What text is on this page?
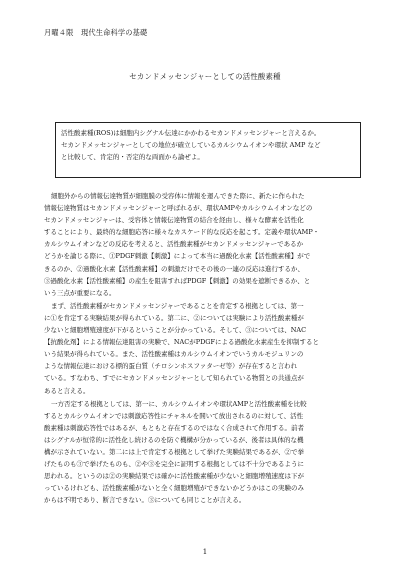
月曜４限　現代生命科学の基礎
セカンドメッセンジャーとしての活性酸素種
活性酸素種(ROS)は細胞内シグナル伝達にかかわるセカンドメッセンジャーと言えるか。
セカンドメッセンジャーとしての地位が確立しているカルシウムイオンや環状 AMP など
と比較して、肯定的・否定的な両面から論ぜよ。
細胞外からの情報伝達物質が細胞膜の受容体に情報を運んできた際に、新たに作られた
情報伝達物質はセカンドメッセンジャーと呼ばれるが、環状AMPやカルシウムイオンなどの
セカンドメッセンジャーは、受容体と情報伝達物質の結合を経由し、様々な酵素を活性化
することにより、最終的な細胞応答に様々なカスケード的な反応を起こす。定義や環状AMP・
カルシウムイオンなどの反応を考えると、活性酸素種がセカンドメッセンジャーであるか
どうかを論じる際に、①PDGF刺激【刺激】によって本当に過酸化水素【活性酸素種】がで
きるのか、②過酸化水素【活性酸素種】の刺激だけでその後の一連の反応は進行するか、
③過酸化水素【活性酸素種】の産生を阻害すればPDGF【刺激】の効果を遮断できるか、と
いう三点が重要になる。
まず、活性酸素種がセカンドメッセンジャーであることを肯定する根拠としては、第一
に①を肯定する実験結果が得られている。第二に、②については実験により活性酸素種が
少ないと細胞増殖速度が下がるということが分かっている。そして、③については、NAC
【抗酸化剤】による情報伝達阻害の実験で、NACがPDGFによる過酸化水素産生を抑制すると
いう結果が得られている。また、活性酸素種はカルシウムイオンでいうカルモジュリンの
ような情報伝達における標的蛋白質（チロシンホスファターゼ等）が存在すると言われ
ている。すなわち、すでにセカンドメッセンジャーとして知られている物質との共通点が
あると言える。
一方否定する根拠としては、第一に、カルシウムイオンや環状AMPと活性酸素種を比較
するとカルシウムイオンでは刺激応答性にチャネルを開いて放出されるのに対して、活性
酸素種は刺激応答性ではあるが、もともと存在するのではなく合成されて作用する。前者
はシグナルが恒常的に活性化し続けるのを防ぐ機構が分かっているが、後者は具体的な機
構が示されていない。第二には上で肯定する根拠として挙げた実験結果であるが、②で挙
げたものも③で挙げたものも、②や③を完全に証明する根拠としては不十分であるように
思われる。というのは②の実験結果では確かに活性酸素種が少ないと細胞増殖速度は下が
っているけれども、活性酸素種がないと全く細胞増殖ができないかどうかはこの実験のみ
からは不明であり、断言できない。③についても同じことが言える。
1
